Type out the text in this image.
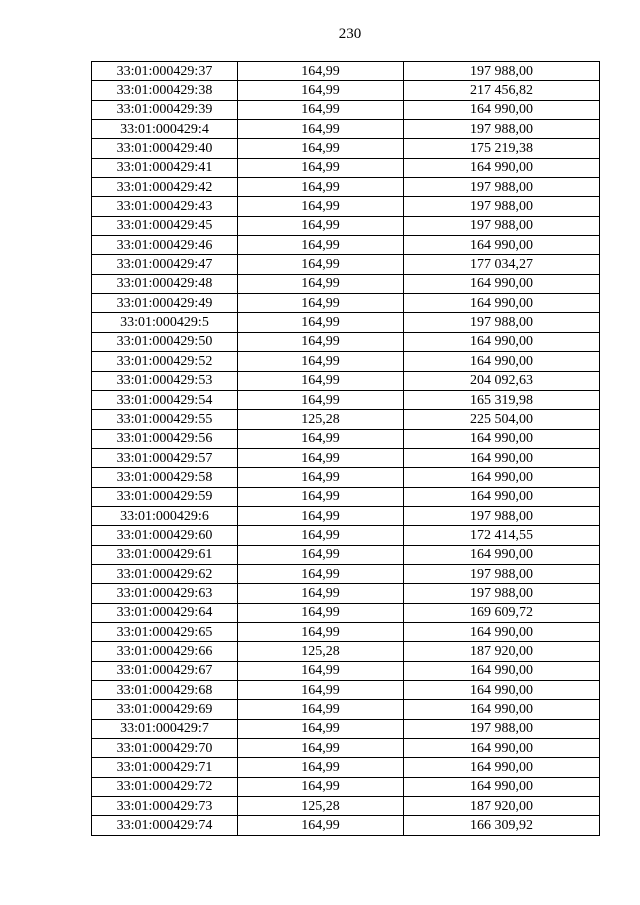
230
33:01:000429:37	164,99	197 988,00
33:01:000429:38	164,99	217 456,82
33:01:000429:39	164,99	164 990,00
33:01:000429:4	164,99	197 988,00
33:01:000429:40	164,99	175 219,38
33:01:000429:41	164,99	164 990,00
33:01:000429:42	164,99	197 988,00
33:01:000429:43	164,99	197 988,00
33:01:000429:45	164,99	197 988,00
33:01:000429:46	164,99	164 990,00
33:01:000429:47	164,99	177 034,27
33:01:000429:48	164,99	164 990,00
33:01:000429:49	164,99	164 990,00
33:01:000429:5	164,99	197 988,00
33:01:000429:50	164,99	164 990,00
33:01:000429:52	164,99	164 990,00
33:01:000429:53	164,99	204 092,63
33:01:000429:54	164,99	165 319,98
33:01:000429:55	125,28	225 504,00
33:01:000429:56	164,99	164 990,00
33:01:000429:57	164,99	164 990,00
33:01:000429:58	164,99	164 990,00
33:01:000429:59	164,99	164 990,00
33:01:000429:6	164,99	197 988,00
33:01:000429:60	164,99	172 414,55
33:01:000429:61	164,99	164 990,00
33:01:000429:62	164,99	197 988,00
33:01:000429:63	164,99	197 988,00
33:01:000429:64	164,99	169 609,72
33:01:000429:65	164,99	164 990,00
33:01:000429:66	125,28	187 920,00
33:01:000429:67	164,99	164 990,00
33:01:000429:68	164,99	164 990,00
33:01:000429:69	164,99	164 990,00
33:01:000429:7	164,99	197 988,00
33:01:000429:70	164,99	164 990,00
33:01:000429:71	164,99	164 990,00
33:01:000429:72	164,99	164 990,00
33:01:000429:73	125,28	187 920,00
33:01:000429:74	164,99	166 309,92
